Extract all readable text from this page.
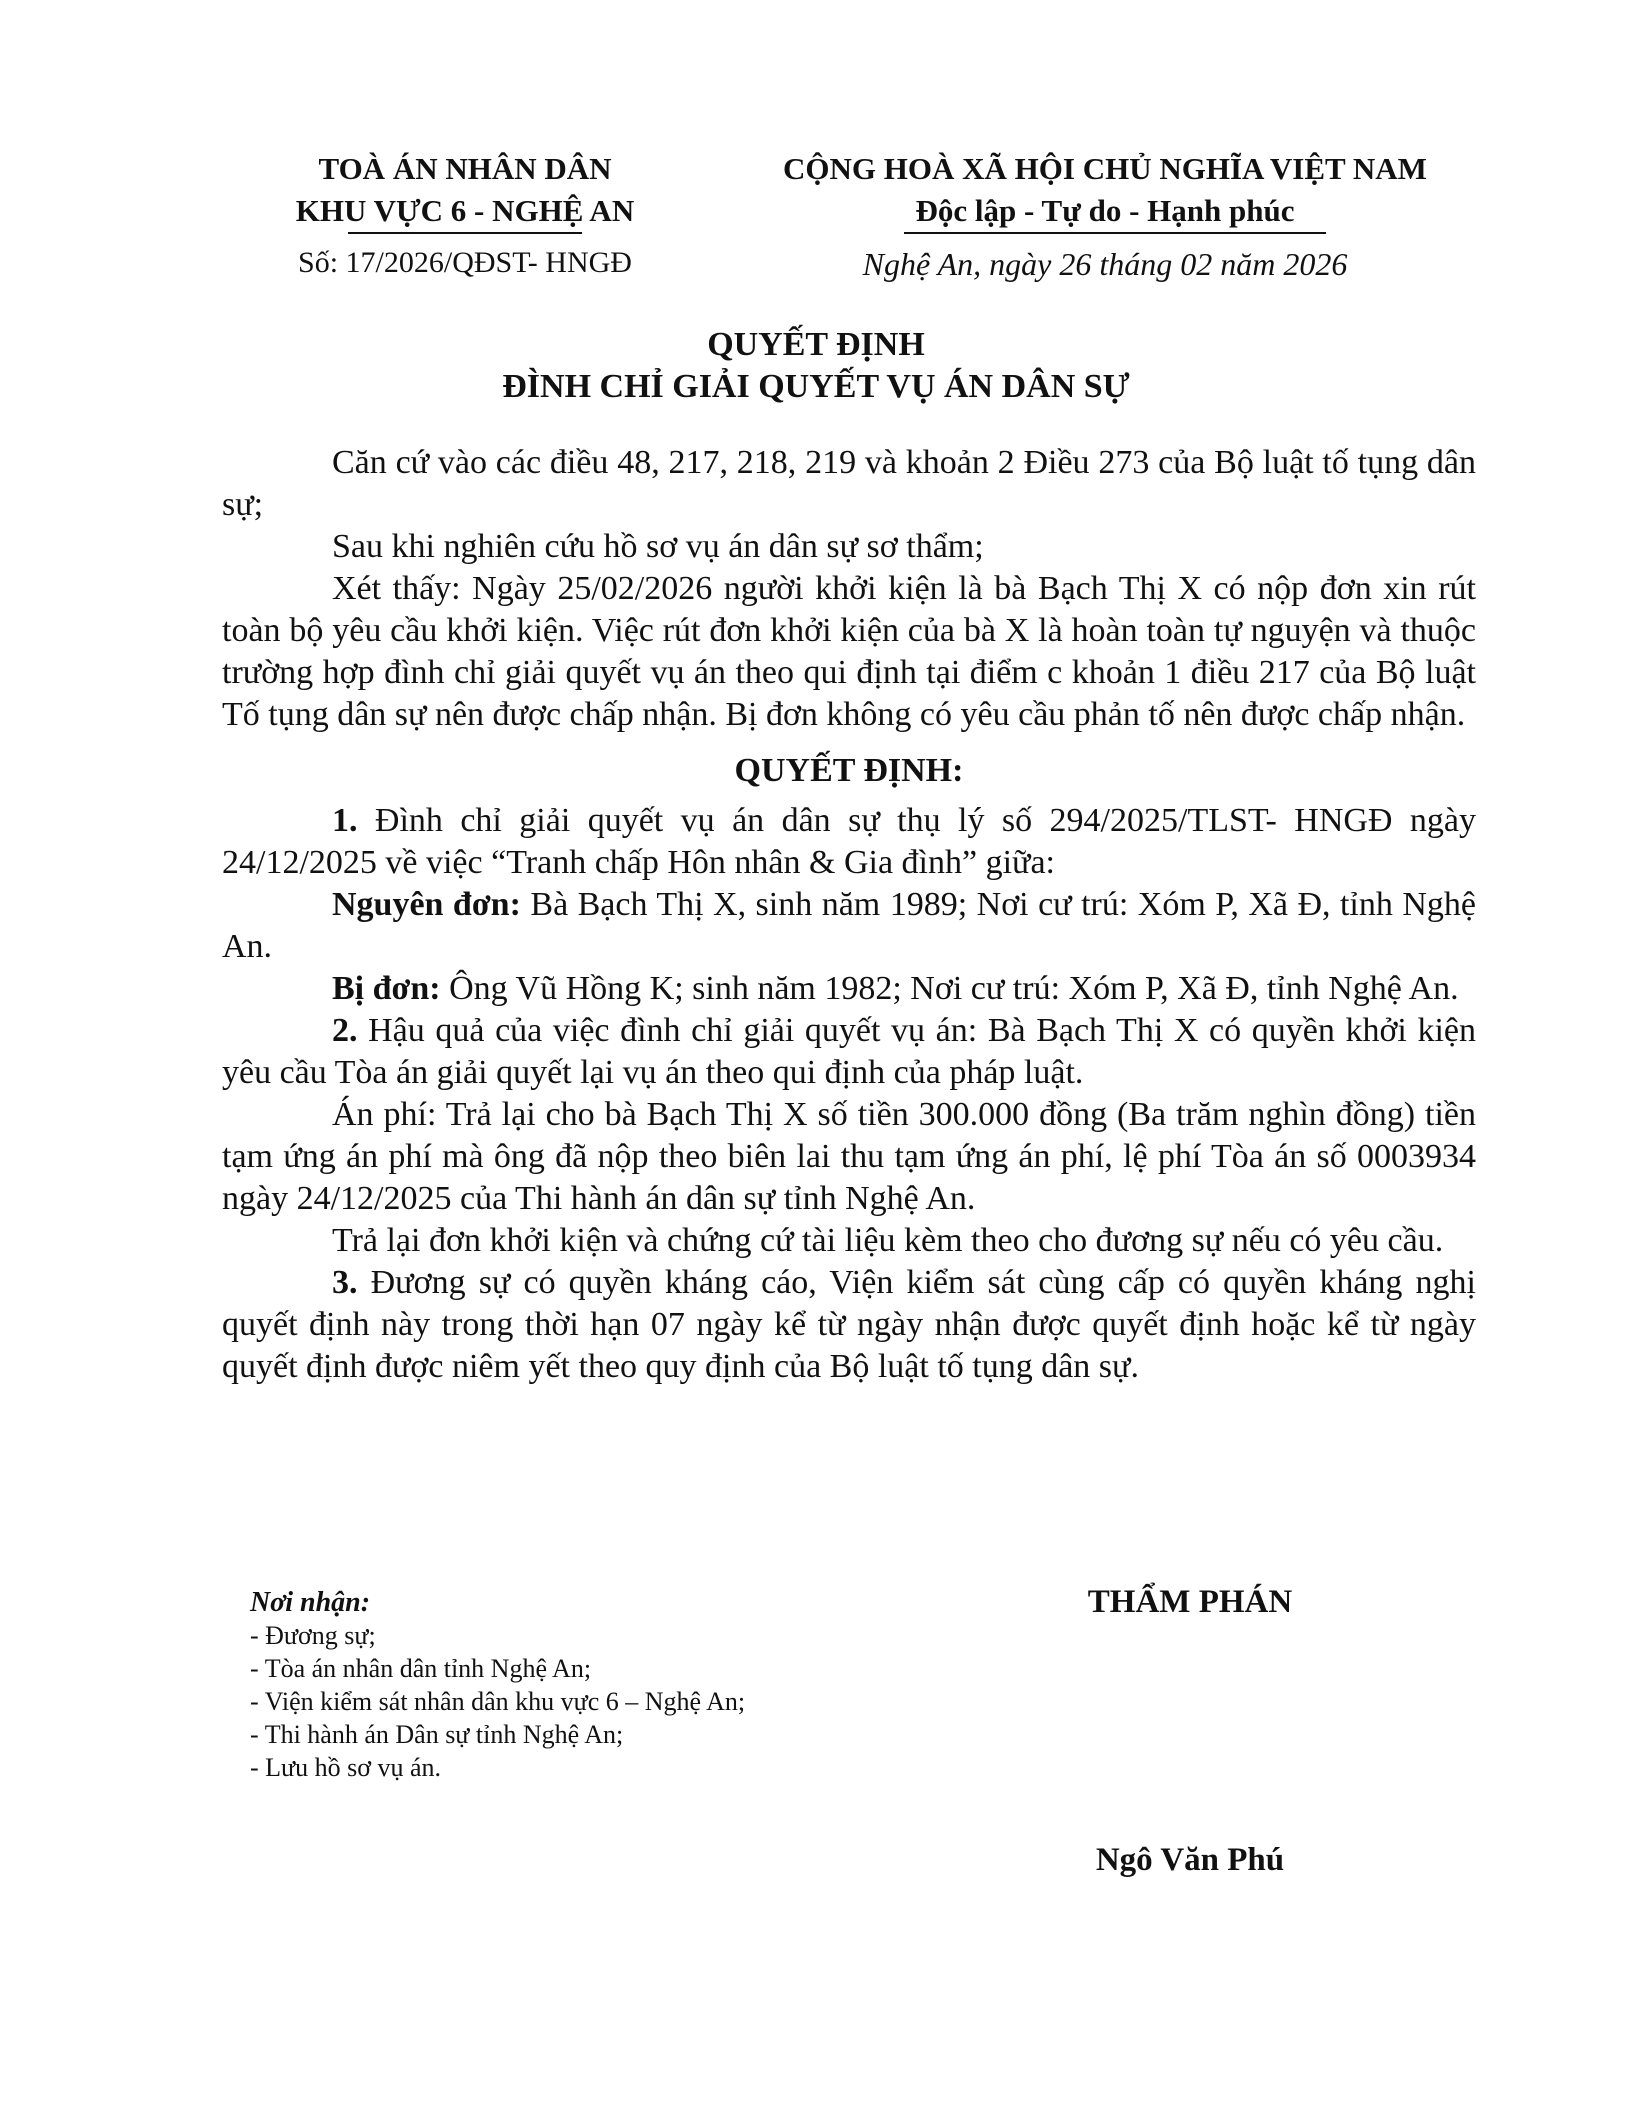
TOÀ ÁN NHÂN DÂN
KHU VỰC 6 - NGHỆ AN
Số: 17/2026/QĐST- HNGĐ
CỘNG HOÀ XÃ HỘI CHỦ NGHĨA VIỆT NAM
Độc lập - Tự do - Hạnh phúc
Nghệ An, ngày 26 tháng 02 năm 2026
QUYẾT ĐỊNH
ĐÌNH CHỈ GIẢI QUYẾT VỤ ÁN DÂN SỰ

Căn cứ vào các điều 48, 217, 218, 219 và khoản 2 Điều 273 của Bộ luật tố tụng dân sự;

Sau khi nghiên cứu hồ sơ vụ án dân sự sơ thẩm;

Xét thấy: Ngày 25/02/2026 người khởi kiện là bà Bạch Thị X có nộp đơn xin rút toàn bộ yêu cầu khởi kiện. Việc rút đơn khởi kiện của bà X là hoàn toàn tự nguyện và thuộc trường hợp đình chỉ giải quyết vụ án theo qui định tại điểm c khoản 1 điều 217 của Bộ luật Tố tụng dân sự nên được chấp nhận. Bị đơn không có yêu cầu phản tố nên được chấp nhận.

QUYẾT ĐỊNH:

1. Đình chỉ giải quyết vụ án dân sự thụ lý số 294/2025/TLST- HNGĐ ngày 24/12/2025 về việc “Tranh chấp Hôn nhân & Gia đình” giữa:

Nguyên đơn: Bà Bạch Thị X, sinh năm 1989; Nơi cư trú: Xóm P, Xã Đ, tỉnh Nghệ An.

Bị đơn: Ông Vũ Hồng K; sinh năm 1982; Nơi cư trú: Xóm P, Xã Đ, tỉnh Nghệ An.

2. Hậu quả của việc đình chỉ giải quyết vụ án: Bà Bạch Thị X có quyền khởi kiện yêu cầu Tòa án giải quyết lại vụ án theo qui định của pháp luật.

Án phí: Trả lại cho bà Bạch Thị X số tiền 300.000 đồng (Ba trăm nghìn đồng) tiền tạm ứng án phí mà ông đã nộp theo biên lai thu tạm ứng án phí, lệ phí Tòa án số 0003934 ngày 24/12/2025 của Thi hành án dân sự tỉnh Nghệ An.

Trả lại đơn khởi kiện và chứng cứ tài liệu kèm theo cho đương sự nếu có yêu cầu.

3. Đương sự có quyền kháng cáo, Viện kiểm sát cùng cấp có quyền kháng nghị quyết định này trong thời hạn 07 ngày kể từ ngày nhận được quyết định hoặc kể từ ngày quyết định được niêm yết theo quy định của Bộ luật tố tụng dân sự.

Nơi nhận:
- Đương sự;
- Tòa án nhân dân tỉnh Nghệ An;
- Viện kiểm sát nhân dân khu vực 6 – Nghệ An;
- Thi hành án Dân sự tỉnh Nghệ An;
- Lưu hồ sơ vụ án.
THẨM PHÁN
Ngô Văn Phú
